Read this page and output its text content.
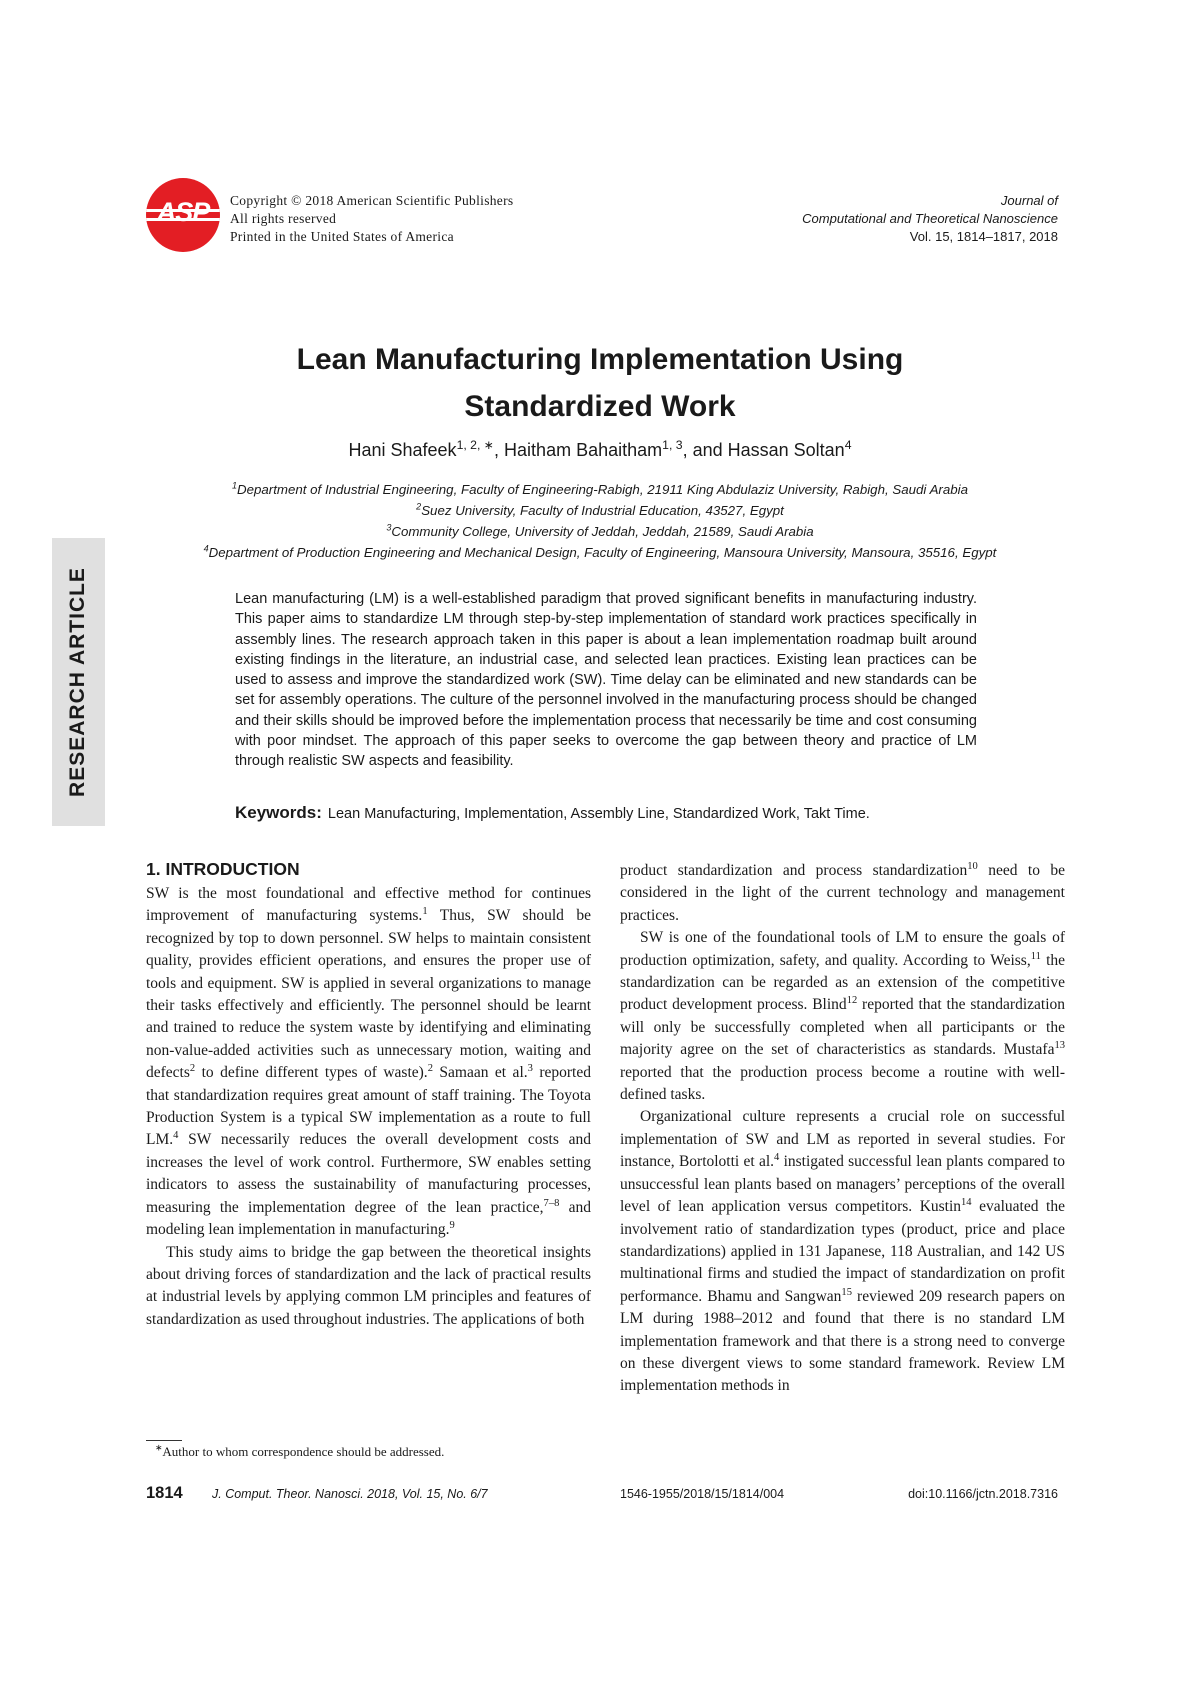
ASP	Copyright © 2018 American Scientific Publishers
All rights reserved
Printed in the United States of America
Journal of
Computational and Theoretical Nanoscience
Vol. 15, 1814–1817, 2018
Lean Manufacturing Implementation Using
Standardized Work
Hani Shafeek$^{1, 2, ∗}$, Haitham Bahaitham$^{1, 3}$, and Hassan Soltan$^4$
$^1$Department of Industrial Engineering, Faculty of Engineering-Rabigh, 21911 King Abdulaziz University, Rabigh, Saudi Arabia
$^2$Suez University, Faculty of Industrial Education, 43527, Egypt
$^3$Community College, University of Jeddah, Jeddah, 21589, Saudi Arabia
$^4$Department of Production Engineering and Mechanical Design, Faculty of Engineering, Mansoura University, Mansoura, 35516, Egypt
RESEARCH ARTICLE	Lean manufacturing (LM) is a well-established paradigm that proved significant benefits in manufacturing industry. This paper aims to standardize LM through step-by-step implementation of standard work practices specifically in assembly lines. The research approach taken in this paper is about a lean implementation roadmap built around existing findings in the literature, an industrial case, and selected lean practices. Existing lean practices can be used to assess and improve the standardized work (SW). Time delay can be eliminated and new standards can be set for assembly operations. The culture of the personnel involved in the manufacturing process should be changed and their skills should be improved before the implementation process that necessarily be time and cost consuming with poor mindset. The approach of this paper seeks to overcome the gap between theory and practice of LM through realistic SW aspects and feasibility.
Keywords: Lean Manufacturing, Implementation, Assembly Line, Standardized Work, Takt Time.
1. INTRODUCTION

SW is the most foundational and effective method for continues improvement of manufacturing systems.$^1$ Thus, SW should be recognized by top to down personnel. SW helps to maintain consistent quality, provides efficient operations, and ensures the proper use of tools and equipment. SW is applied in several organizations to manage their tasks effectively and efficiently. The personnel should be learnt and trained to reduce the system waste by identifying and eliminating non-value-added activities such as unnecessary motion, waiting and defects$^2$ to define different types of waste).$^2$ Samaan et al.$^3$ reported that standardization requires great amount of staff training. The Toyota Production System is a typical SW implementation as a route to full LM.$^4$ SW necessarily reduces the overall development costs and increases the level of work control. Furthermore, SW enables setting indicators to assess the sustainability of manufacturing processes, measuring the implementation degree of the lean practice,$^{7-8}$ and modeling lean implementation in manufacturing.$^9$

This study aims to bridge the gap between the theoretical insights about driving forces of standardization and the lack of practical results at industrial levels by applying common LM principles and features of standardization as used throughout industries. The applications of both

product standardization and process standardization$^{10}$ need to be considered in the light of the current technology and management practices.

SW is one of the foundational tools of LM to ensure the goals of production optimization, safety, and quality. According to Weiss,$^{11}$ the standardization can be regarded as an extension of the competitive product development process. Blind$^{12}$ reported that the standardization will only be successfully completed when all participants or the majority agree on the set of characteristics as standards. Mustafa$^{13}$ reported that the production process become a routine with well-defined tasks.

Organizational culture represents a crucial role on successful implementation of SW and LM as reported in several studies. For instance, Bortolotti et al.$^4$ instigated successful lean plants compared to unsuccessful lean plants based on managers’ perceptions of the overall level of lean application versus competitors. Kustin$^{14}$ evaluated the involvement ratio of standardization types (product, price and place standardizations) applied in 131 Japanese, 118 Australian, and 142 US multinational firms and studied the impact of standardization on profit performance. Bhamu and Sangwan$^{15}$ reviewed 209 research papers on LM during 1988–2012 and found that there is no standard LM implementation framework and that there is a strong need to converge on these divergent views to some standard framework. Review LM implementation methods in

∗Author to whom correspondence should be addressed.
1814 J. Comput. Theor. Nanosci. 2018, Vol. 15, No. 6/7	1546-1955/2018/15/1814/004	doi:10.1166/jctn.2018.7316
